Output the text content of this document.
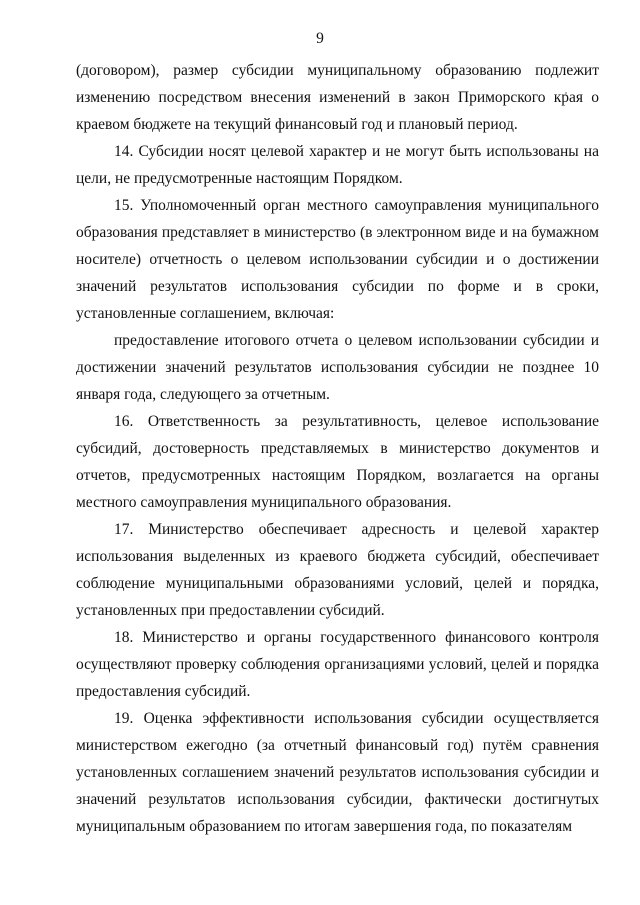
9

(договором), размер субсидии муниципальному образованию подлежит изменению посредством внесения изменений в закон Приморского края о краевом бюджете на текущий финансовый год и плановый период.

14. Субсидии носят целевой характер и не могут быть использованы на цели, не предусмотренные настоящим Порядком.

15. Уполномоченный орган местного самоуправления муниципального образования представляет в министерство (в электронном виде и на бумажном носителе) отчетность о целевом использовании субсидии и о достижении значений результатов использования субсидии по форме и в сроки, установленные соглашением, включая:

предоставление итогового отчета о целевом использовании субсидии и достижении значений результатов использования субсидии не позднее 10 января года, следующего за отчетным.

16. Ответственность за результативность, целевое использование субсидий, достоверность представляемых в министерство документов и отчетов, предусмотренных настоящим Порядком, возлагается на органы местного самоуправления муниципального образования.

17. Министерство обеспечивает адресность и целевой характер использования выделенных из краевого бюджета субсидий, обеспечивает соблюдение муниципальными образованиями условий, целей и порядка, установленных при предоставлении субсидий.

18. Министерство и органы государственного финансового контроля осуществляют проверку соблюдения организациями условий, целей и порядка предоставления субсидий.

19. Оценка эффективности использования субсидии осуществляется министерством ежегодно (за отчетный финансовый год) путём сравнения установленных соглашением значений результатов использования субсидии и значений результатов использования субсидии, фактически достигнутых муниципальным образованием по итогам завершения года, по показателям
